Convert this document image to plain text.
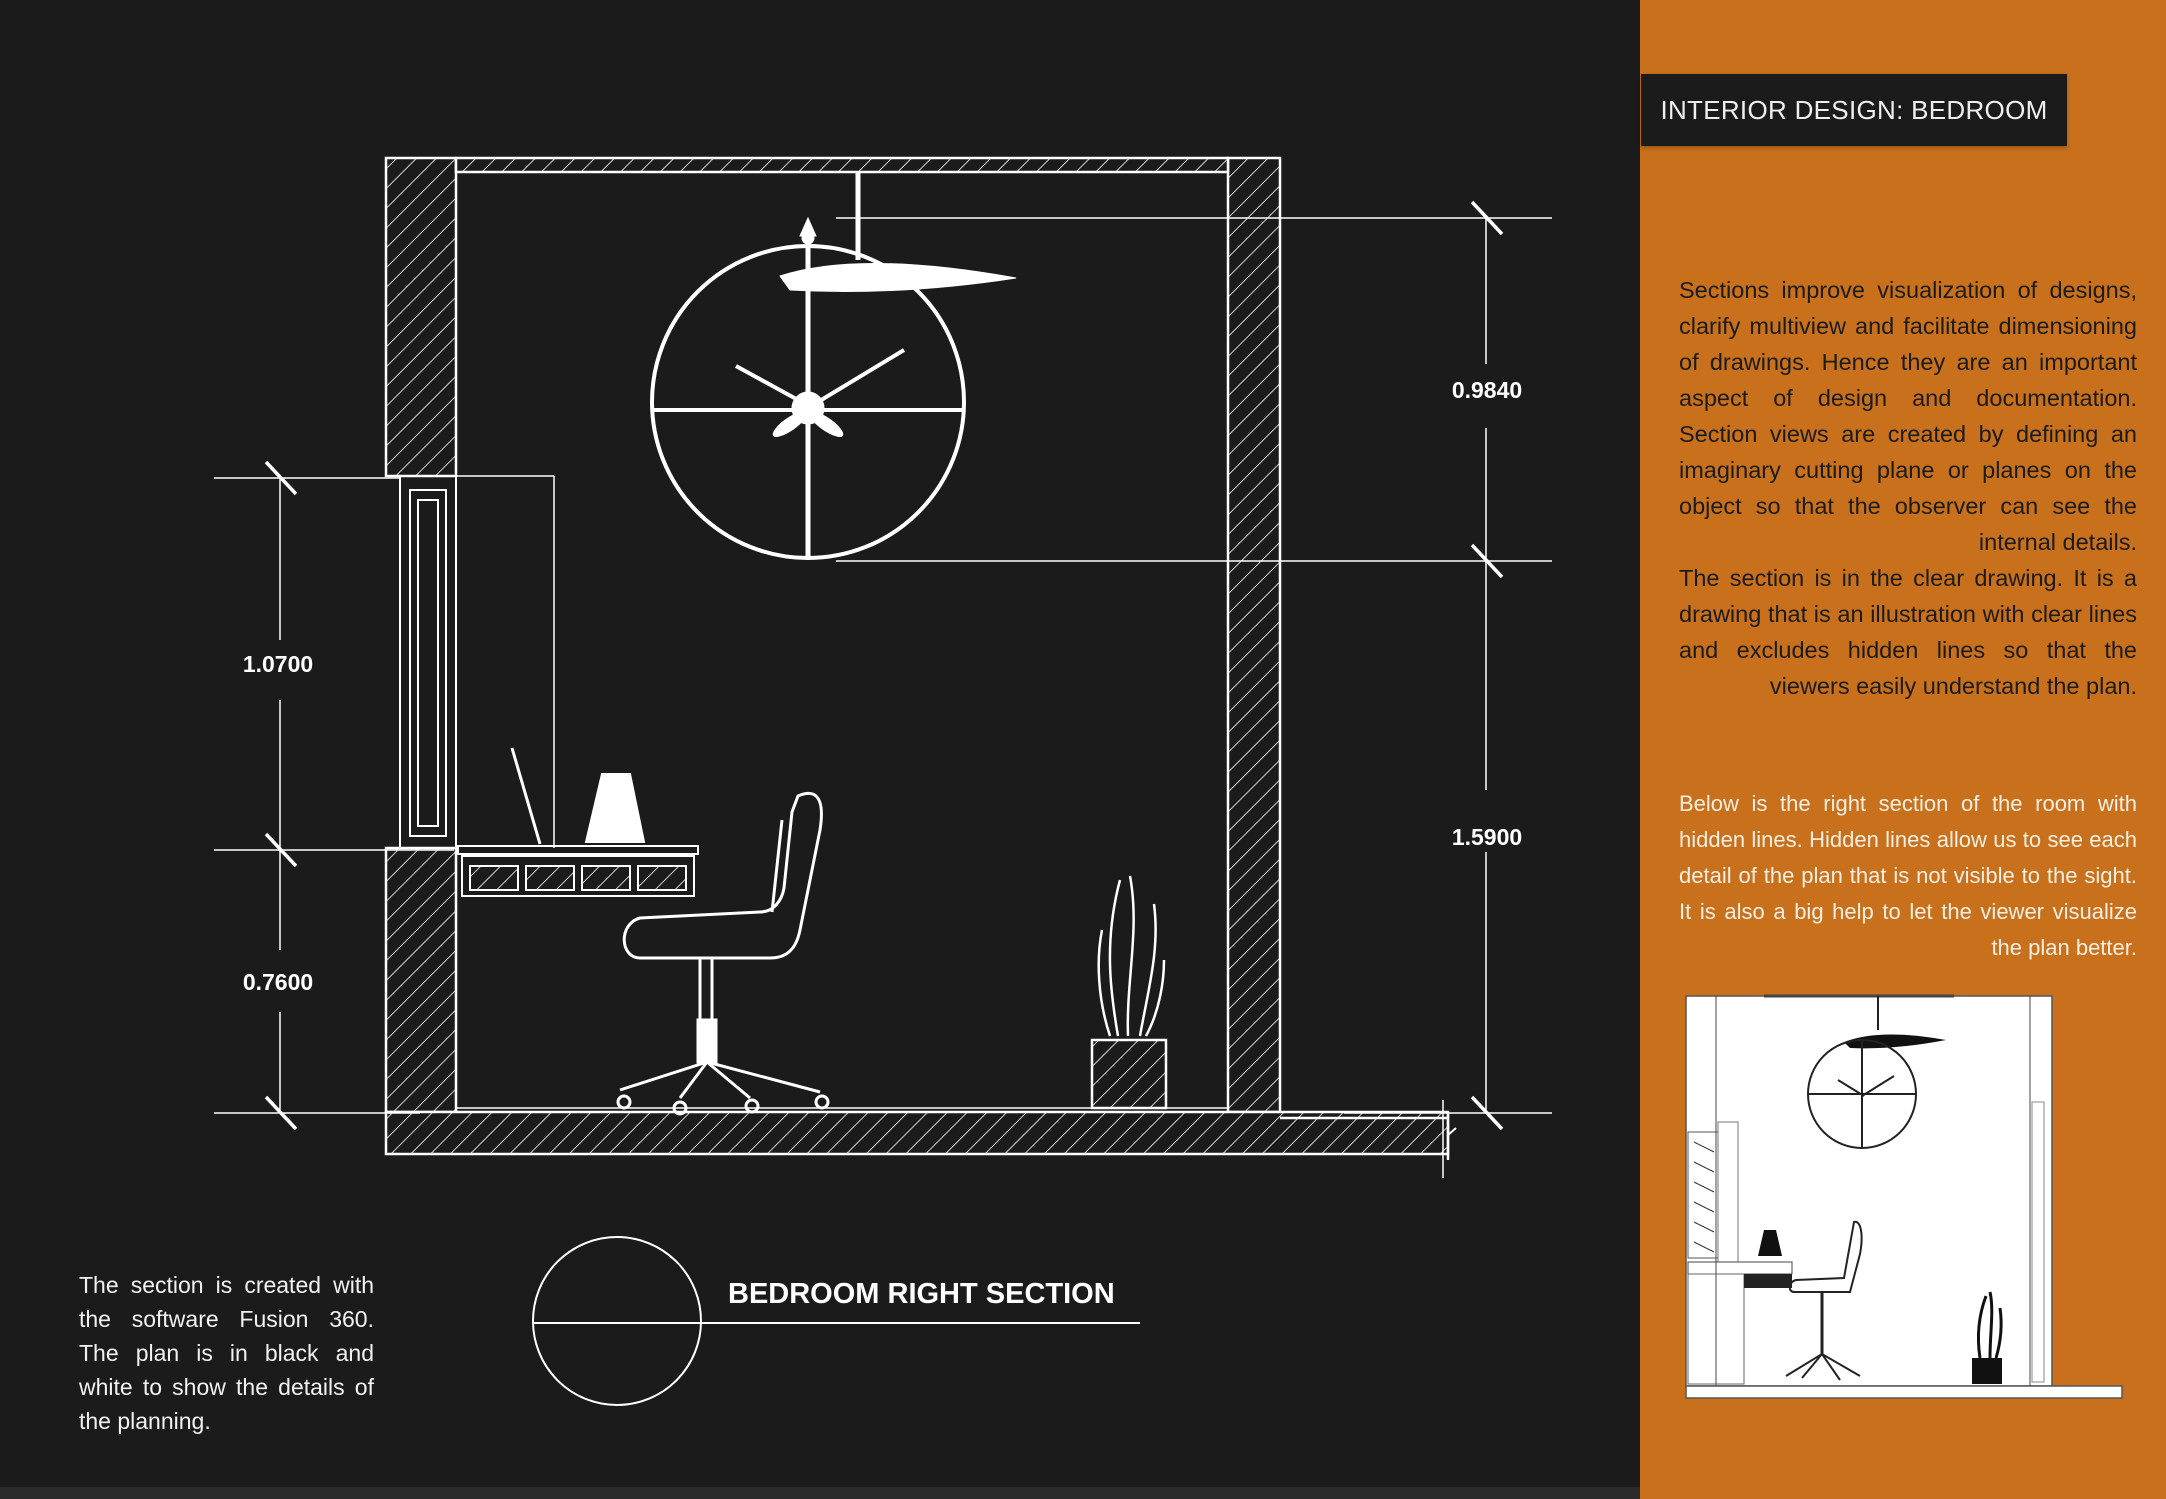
1.0700
0.7600
0.9840
1.5900
BEDROOM RIGHT SECTION
The section is created with the software Fusion 360. The plan is in black and white to show the details of the planning.
INTERIOR DESIGN: BEDROOM
Sections improve visualization of designs, clarify multiview and facilitate dimensioning of drawings. Hence they are an important aspect of design and documentation. Section views are created by defining an imaginary cutting plane or planes on the object so that the observer can see the internal details.
The section is in the clear drawing. It is a drawing that is an illustration with clear lines and excludes hidden lines so that the viewers easily understand the plan.
Below is the right section of the room with hidden lines. Hidden lines allow us to see each detail of the plan that is not visible to the sight. It is also a big help to let the viewer visualize the plan better.
